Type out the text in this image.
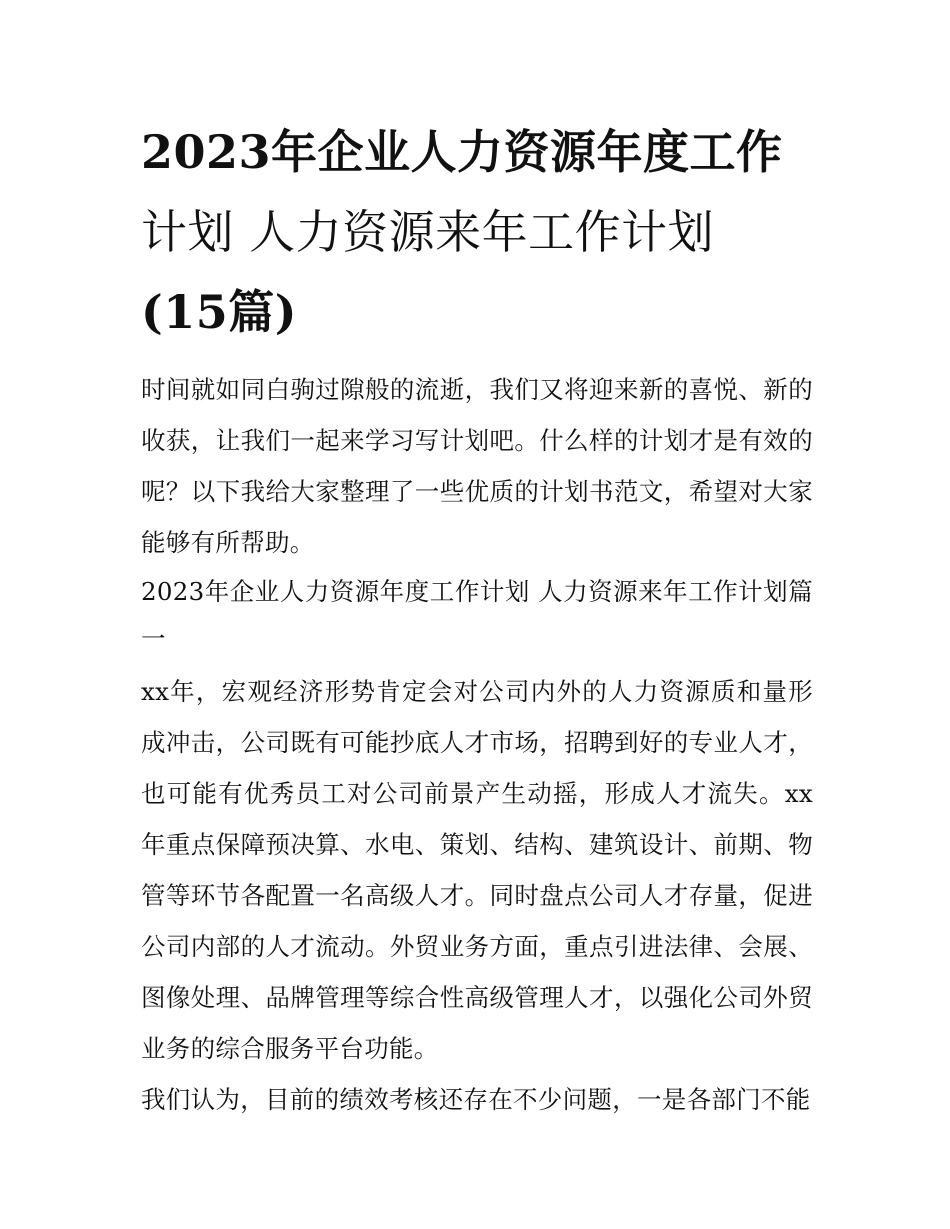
2023年企业人力资源年度工作
计划 人力资源来年工作计划
(15篇)

时间就如同白驹过隙般的流逝，我们又将迎来新的喜悦、新的收获，让我们一起来学习写计划吧。什么样的计划才是有效的呢？以下我给大家整理了一些优质的计划书范文，希望对大家能够有所帮助。

2023年企业人力资源年度工作计划 人力资源来年工作计划篇一

xx年，宏观经济形势肯定会对公司内外的人力资源质和量形成冲击，公司既有可能抄底人才市场，招聘到好的专业人才，也可能有优秀员工对公司前景产生动摇，形成人才流失。xx年重点保障预决算、水电、策划、结构、建筑设计、前期、物管等环节各配置一名高级人才。同时盘点公司人才存量，促进公司内部的人才流动。外贸业务方面，重点引进法律、会展、图像处理、品牌管理等综合性高级管理人才，以强化公司外贸业务的综合服务平台功能。

我们认为，目前的绩效考核还存在不少问题，一是各部门不能
